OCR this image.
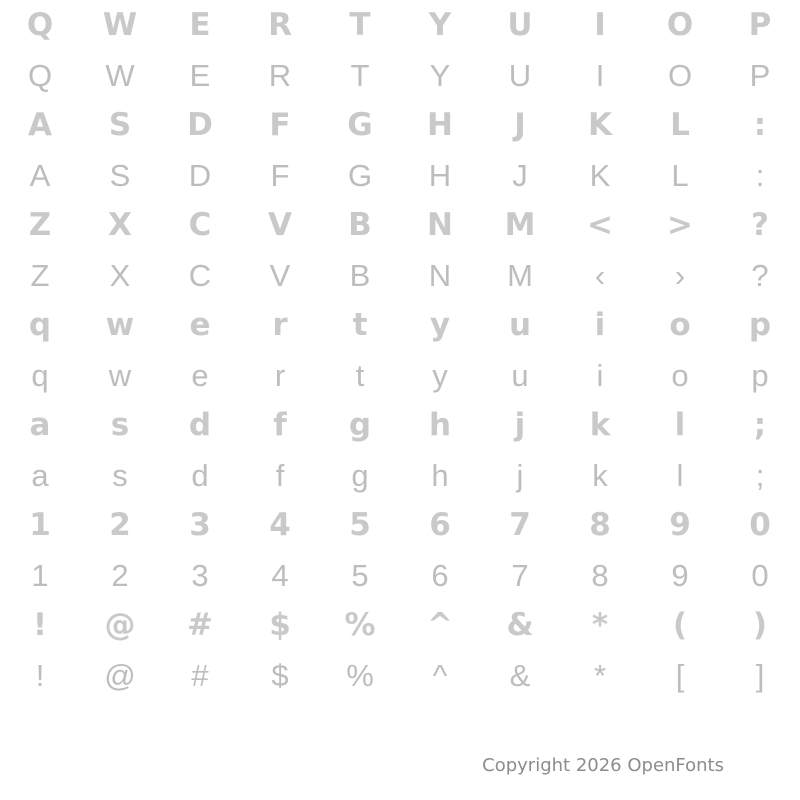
Q	W	E	R	T	Y	U	I	O	P
Q	W	E	R	T	Y	U	I	O	P
A	S	D	F	G	H	J	K	L	:
A	S	D	F	G	H	J	K	L	:
Z	X	C	V	B	N	M	<	>	?
Z	X	C	V	B	N	M	‹	›	?
q	w	e	r	t	y	u	i	o	p
q	w	e	r	t	y	u	i	o	p
a	s	d	f	g	h	j	k	l	;
a	s	d	f	g	h	j	k	l	;
1	2	3	4	5	6	7	8	9	0
1	2	3	4	5	6	7	8	9	0
!	@	#	$	%	^	&	*	(	)
!	@	#	$	%	^	&	*	[	]
Copyright 2026 OpenFonts
